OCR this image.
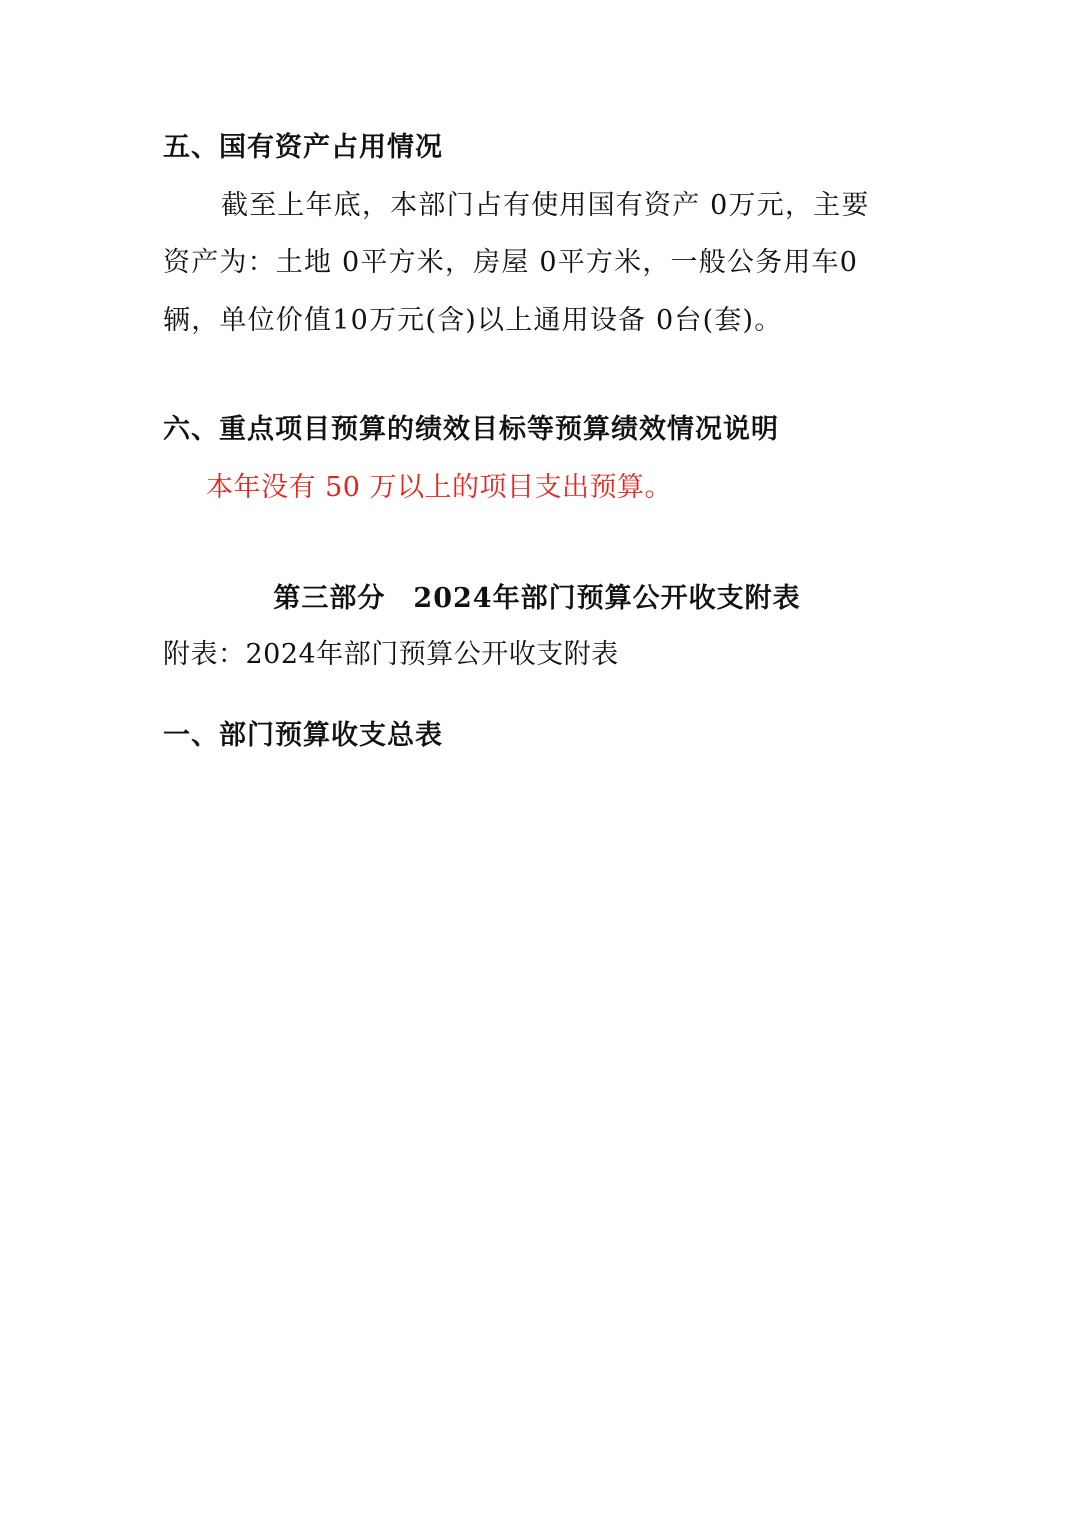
五、国有资产占用情况
截至上年底，本部门占有使用国有资产 0万元，主要
资产为：土地 0平方米，房屋 0平方米，一般公务用车0
辆，单位价值10万元(含)以上通用设备 0台(套)。
六、重点项目预算的绩效目标等预算绩效情况说明
本年没有 50 万以上的项目支出预算。
第三部分　2024年部门预算公开收支附表
附表：2024年部门预算公开收支附表
一、部门预算收支总表
